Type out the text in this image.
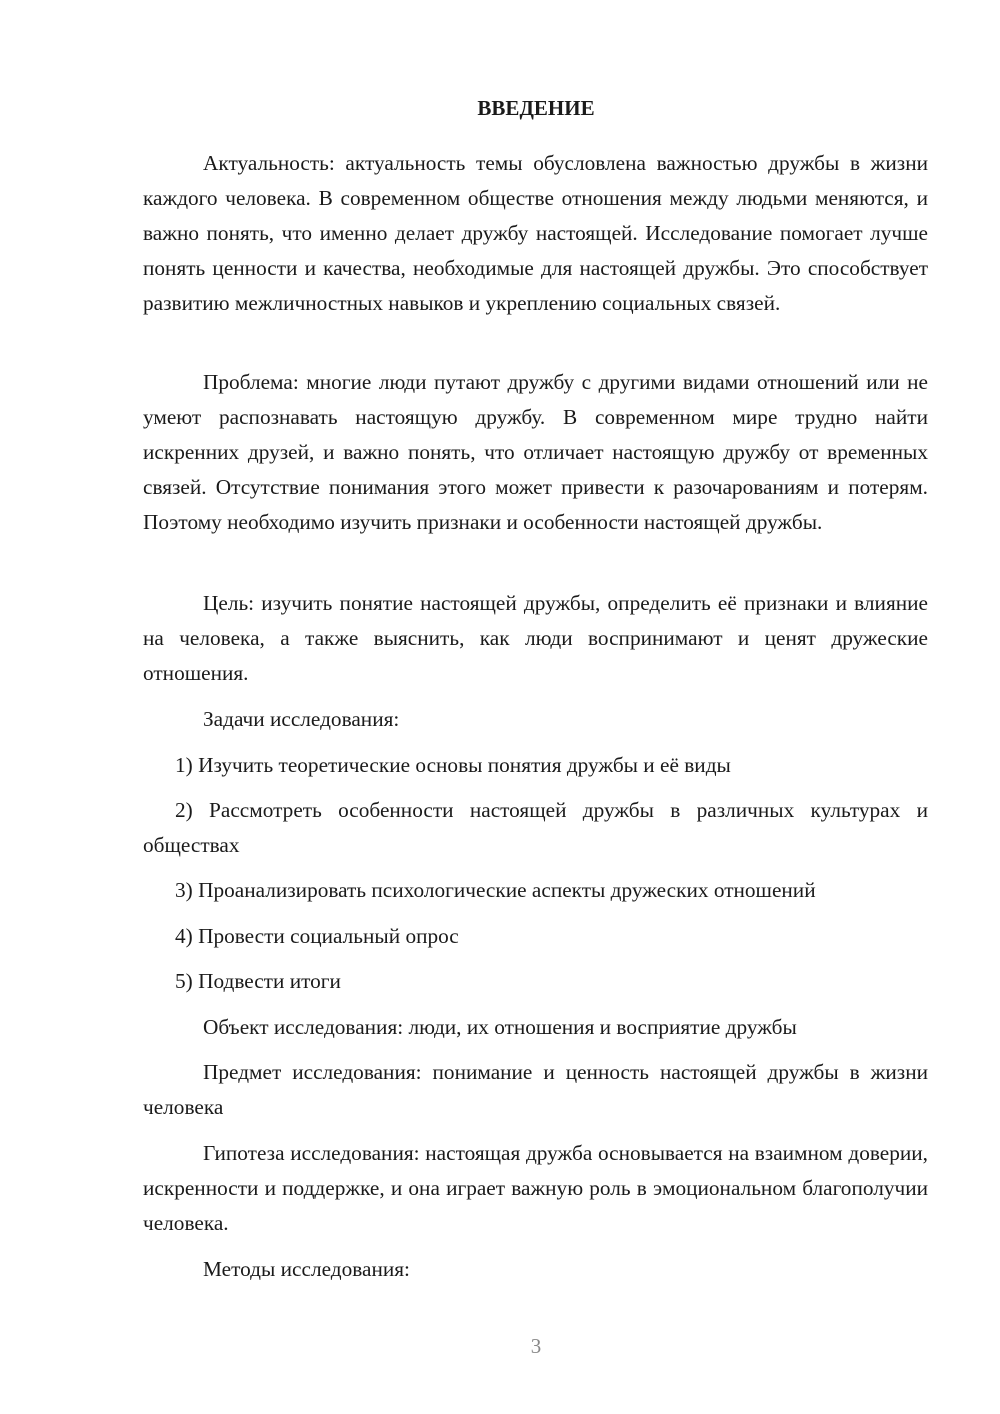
ВВЕДЕНИЕ

Актуальность: актуальность темы обусловлена важностью дружбы в жизни каждого человека. В современном обществе отношения между людьми меняются, и важно понять, что именно делает дружбу настоящей. Исследование помогает лучше понять ценности и качества, необходимые для настоящей дружбы. Это способствует развитию межличностных навыков и укреплению социальных связей.

Проблема: многие люди путают дружбу с другими видами отношений или не умеют распознавать настоящую дружбу. В современном мире трудно найти искренних друзей, и важно понять, что отличает настоящую дружбу от временных связей. Отсутствие понимания этого может привести к разочарованиям и потерям. Поэтому необходимо изучить признаки и особенности настоящей дружбы.

Цель: изучить понятие настоящей дружбы, определить её признаки и влияние на человека, а также выяснить, как люди воспринимают и ценят дружеские отношения.

Задачи исследования:

1) Изучить теоретические основы понятия дружбы и её виды

2) Рассмотреть особенности настоящей дружбы в различных культурах и обществах

3) Проанализировать психологические аспекты дружеских отношений

4) Провести социальный опрос

5) Подвести итоги

Объект исследования: люди, их отношения и восприятие дружбы

Предмет исследования: понимание и ценность настоящей дружбы в жизни человека

Гипотеза исследования: настоящая дружба основывается на взаимном доверии, искренности и поддержке, и она играет важную роль в эмоциональном благополучии человека.

Методы исследования:

3
